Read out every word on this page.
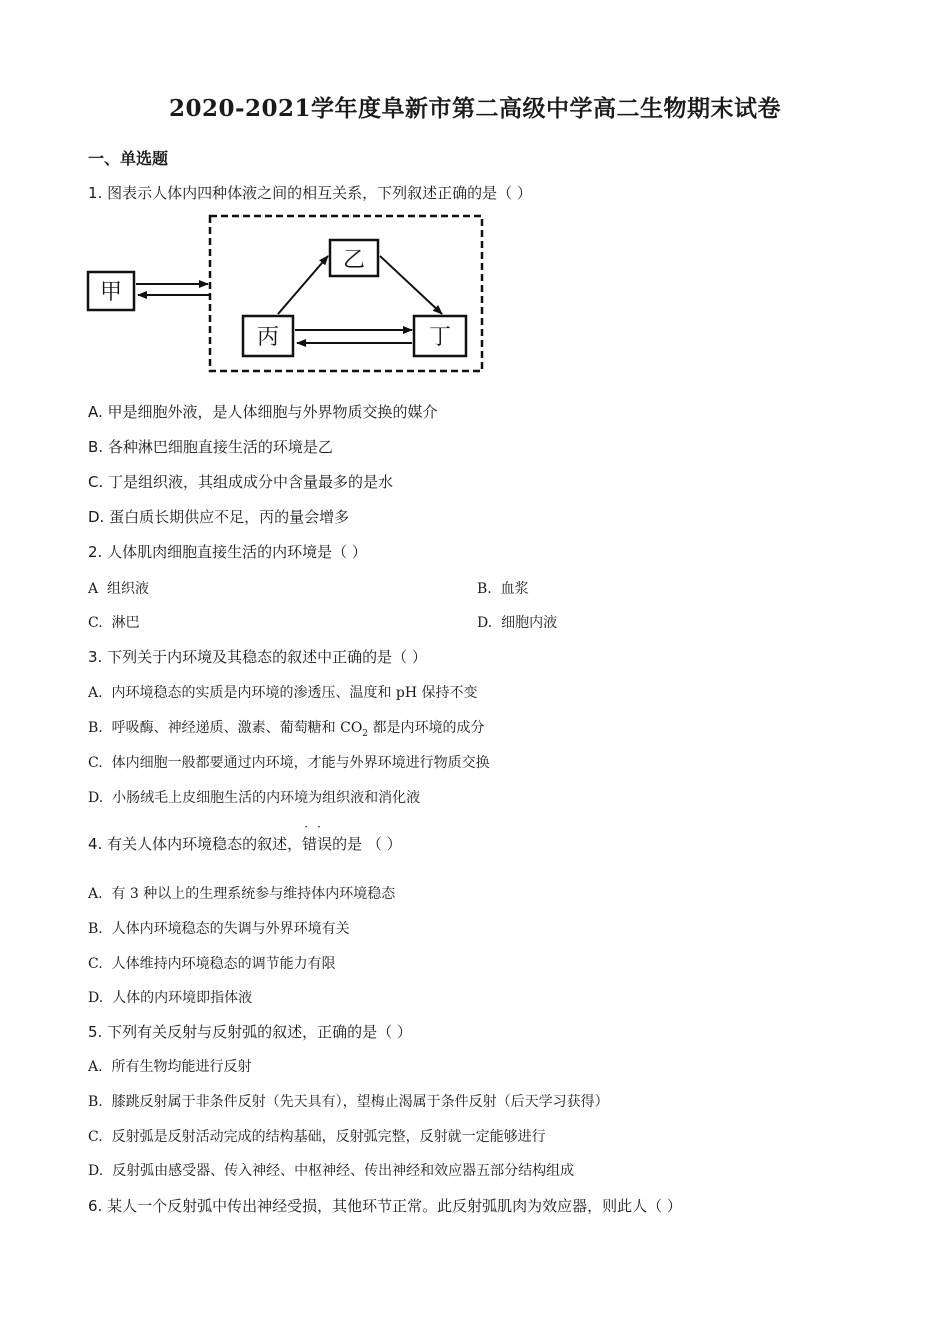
2020-2021学年度阜新市第二高级中学高二生物期末试卷
一、单选题
1. 图表示人体内四种体液之间的相互关系，下列叙述正确的是（ ）
甲
乙
丙	丁
A. 甲是细胞外液，是人体细胞与外界物质交换的媒介
B. 各种淋巴细胞直接生活的环境是乙
C. 丁是组织液，其组成成分中含量最多的是水
D. 蛋白质长期供应不足，丙的量会增多
2. 人体肌肉细胞直接生活的内环境是（ ）
A 组织液	B. 血浆
C. 淋巴	D. 细胞内液
3. 下列关于内环境及其稳态的叙述中正确的是（ ）
A. 内环境稳态的实质是内环境的渗透压、温度和 pH 保持不变
B. 呼吸酶、神经递质、激素、葡萄糖和 $CO_2$ 都是内环境的成分
C. 体内细胞一般都要通过内环境，才能与外界环境进行物质交换
D. 小肠绒毛上皮细胞生活的内环境为组织液和消化液
4. 有关人体内环境稳态的叙述，
··
错误的是 （ ）
A. 有 3 种以上的生理系统参与维持体内环境稳态
B. 人体内环境稳态的失调与外界环境有关
C. 人体维持内环境稳态的调节能力有限
D. 人体的内环境即指体液
5. 下列有关反射与反射弧的叙述，正确的是（ ）
A. 所有生物均能进行反射
B. 膝跳反射属于非条件反射（先天具有），望梅止渴属于条件反射（后天学习获得）
C. 反射弧是反射活动完成的结构基础，反射弧完整，反射就一定能够进行
D. 反射弧由感受器、传入神经、中枢神经、传出神经和效应器五部分结构组成
6. 某人一个反射弧中传出神经受损，其他环节正常。此反射弧肌肉为效应器，则此人（ ）
